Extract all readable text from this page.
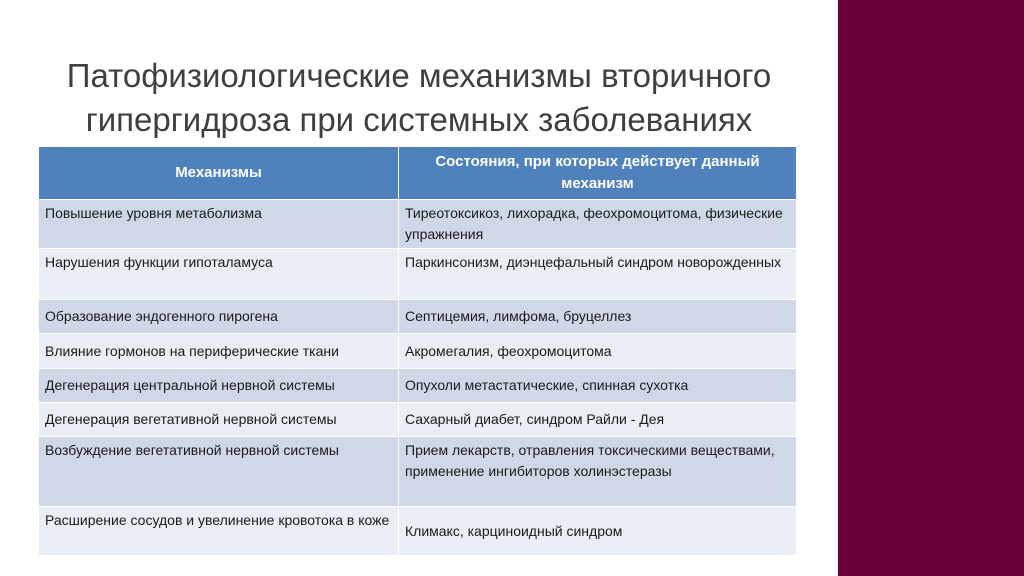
Патофизиологические механизмы вторичного
гипергидроза при системных заболеваниях
Механизмы	Состояния, при которых действует данный механизм
Повышение уровня метаболизма	Тиреотоксикоз, лихорадка, феохромоцитома, физические упражнения
Нарушения функции гипоталамуса	Паркинсонизм, диэнцефальный синдром новорожденных
Образование эндогенного пирогена	Септицемия, лимфома, бруцеллез
Влияние гормонов на периферические ткани	Акромегалия, феохромоцитома
Дегенерация центральной нервной системы	Опухоли метастатические, спинная сухотка
Дегенерация вегетативной нервной системы	Сахарный диабет, синдром Райли - Дея
Возбуждение вегетативной нервной системы	Прием лекарств, отравления токсическими веществами, применение ингибиторов холинэстеразы
Расширение сосудов и увелинение кровотока в коже	Климакс, карциноидный синдром
